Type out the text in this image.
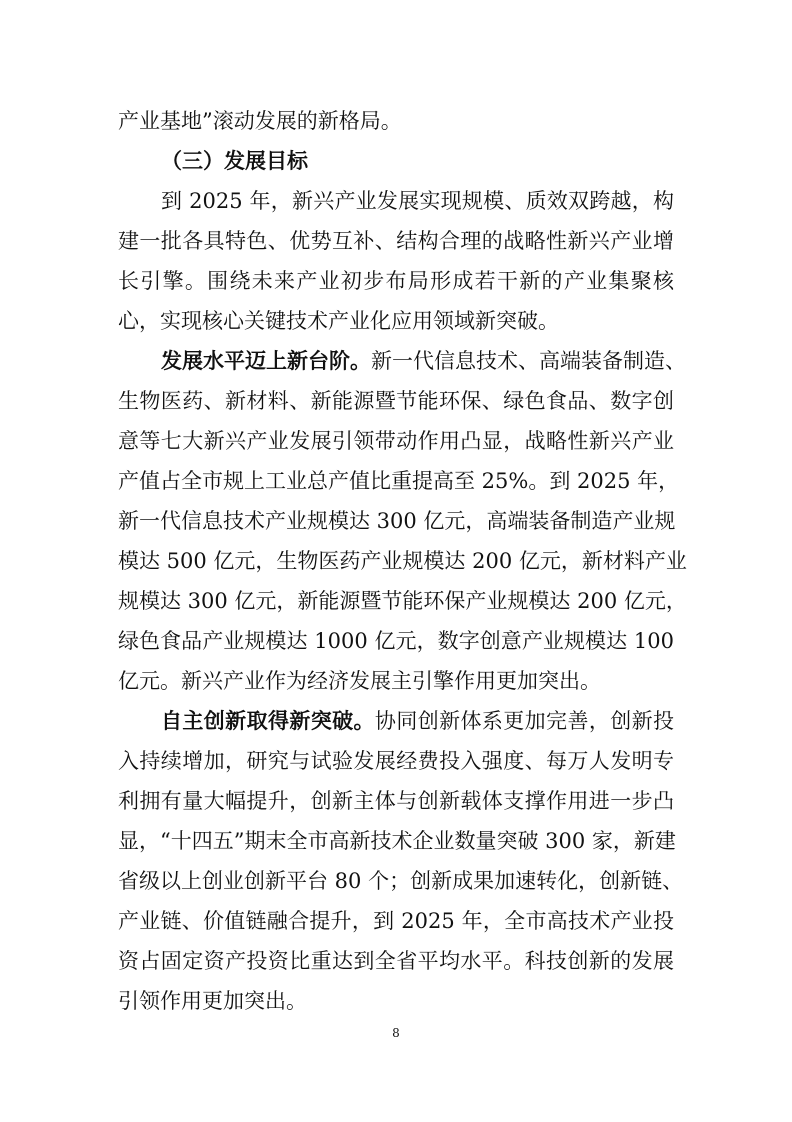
产业基地”滚动发展的新格局。
（三）发展目标
到 2025 年，新兴产业发展实现规模、质效双跨越，构
建一批各具特色、优势互补、结构合理的战略性新兴产业增
长引擎。围绕未来产业初步布局形成若干新的产业集聚核
心，实现核心关键技术产业化应用领域新突破。
发展水平迈上新台阶。新一代信息技术、高端装备制造、
生物医药、新材料、新能源暨节能环保、绿色食品、数字创
意等七大新兴产业发展引领带动作用凸显，战略性新兴产业
产值占全市规上工业总产值比重提高至 25%。到 2025 年，
新一代信息技术产业规模达 300 亿元，高端装备制造产业规
模达 500 亿元，生物医药产业规模达 200 亿元，新材料产业
规模达 300 亿元，新能源暨节能环保产业规模达 200 亿元，
绿色食品产业规模达 1000 亿元，数字创意产业规模达 100
亿元。新兴产业作为经济发展主引擎作用更加突出。
自主创新取得新突破。协同创新体系更加完善，创新投
入持续增加，研究与试验发展经费投入强度、每万人发明专
利拥有量大幅提升，创新主体与创新载体支撑作用进一步凸
显，“十四五”期末全市高新技术企业数量突破 300 家，新建
省级以上创业创新平台 80 个；创新成果加速转化，创新链、
产业链、价值链融合提升，到 2025 年，全市高技术产业投
资占固定资产投资比重达到全省平均水平。科技创新的发展
引领作用更加突出。
8
